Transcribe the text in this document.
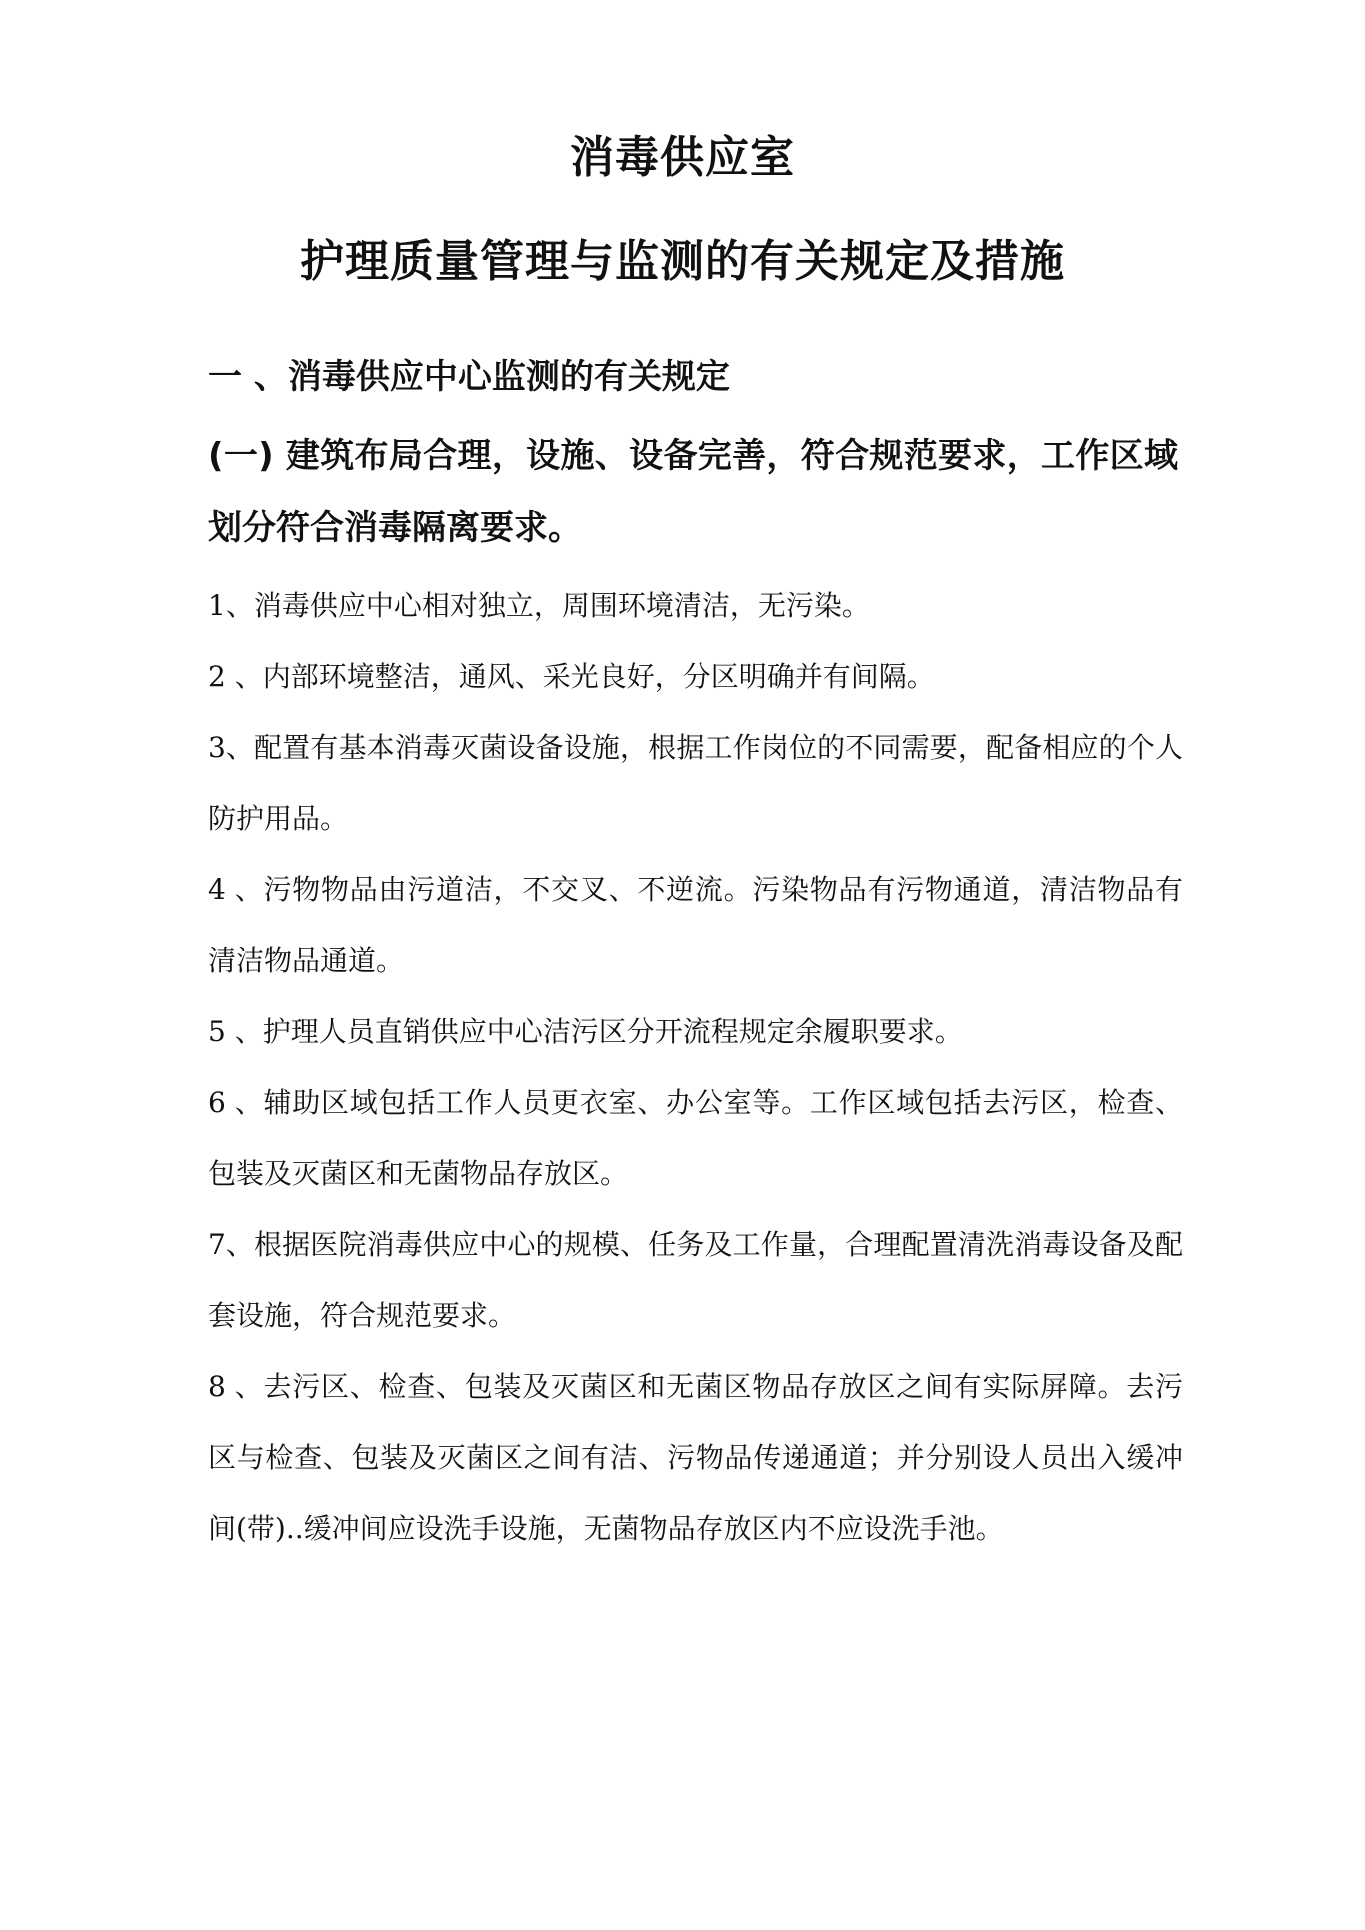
消毒供应室
护理质量管理与监测的有关规定及措施
一 、消毒供应中心监测的有关规定
(一) 建筑布局合理，设施、设备完善，符合规范要求，工作区域划分符合消毒隔离要求。

1、消毒供应中心相对独立，周围环境清洁，无污染。

2 、内部环境整洁，通风、采光良好，分区明确并有间隔。

3、配置有基本消毒灭菌设备设施，根据工作岗位的不同需要，配备相应的个人防护用品。

4 、污物物品由污道洁，不交叉、不逆流。污染物品有污物通道，清洁物品有清洁物品通道。

5 、护理人员直销供应中心洁污区分开流程规定余履职要求。

6 、辅助区域包括工作人员更衣室、办公室等。工作区域包括去污区，检查、包装及灭菌区和无菌物品存放区。

7、根据医院消毒供应中心的规模、任务及工作量，合理配置清洗消毒设备及配套设施，符合规范要求。

8 、去污区、检查、包装及灭菌区和无菌区物品存放区之间有实际屏障。去污区与检查、包装及灭菌区之间有洁、污物品传递通道；并分别设人员出入缓冲间(带)..缓冲间应设洗手设施，无菌物品存放区内不应设洗手池。
